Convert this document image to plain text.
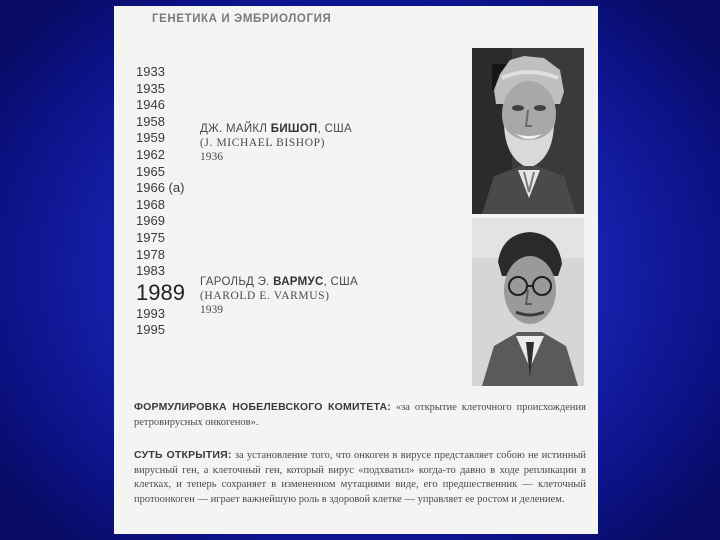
ГЕНЕТИКА И ЭМБРИОЛОГИЯ
1933
1935
1946
1958
1959
1962
1965
1966 (а)
1968
1969
1975
1978
1983
1989
1993
1995
ДЖ. МАЙКЛ БИШОП, США
(J. MICHAEL BISHOP)
1936
ГАРОЛЬД Э. ВАРМУС, США
(HAROLD E. VARMUS)
1939
ФОРМУЛИРОВКА НОБЕЛЕВСКОГО КОМИТЕТА: «за открытие клеточного происхождения ретровирусных онкогенов».
СУТЬ ОТКРЫТИЯ: за установление того, что онкоген в вирусе представляет собою не истинный вирусный ген, а клеточный ген, который вирус «подхватил» когда-то давно в ходе репликации в клетках, и теперь сохраняет в измененном мутациями виде, его предшественник — клеточный протоонкоген — играет важнейшую роль в здоровой клетке — управляет ее ростом и делением.
